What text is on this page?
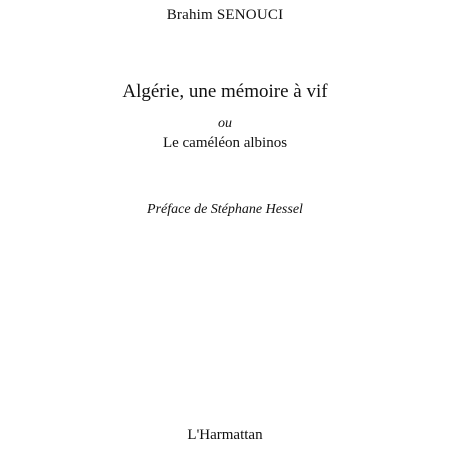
Brahim SENOUCI
Algérie, une mémoire à vif
ou
Le caméléon albinos
Préface de Stéphane Hessel
L'Harmattan
